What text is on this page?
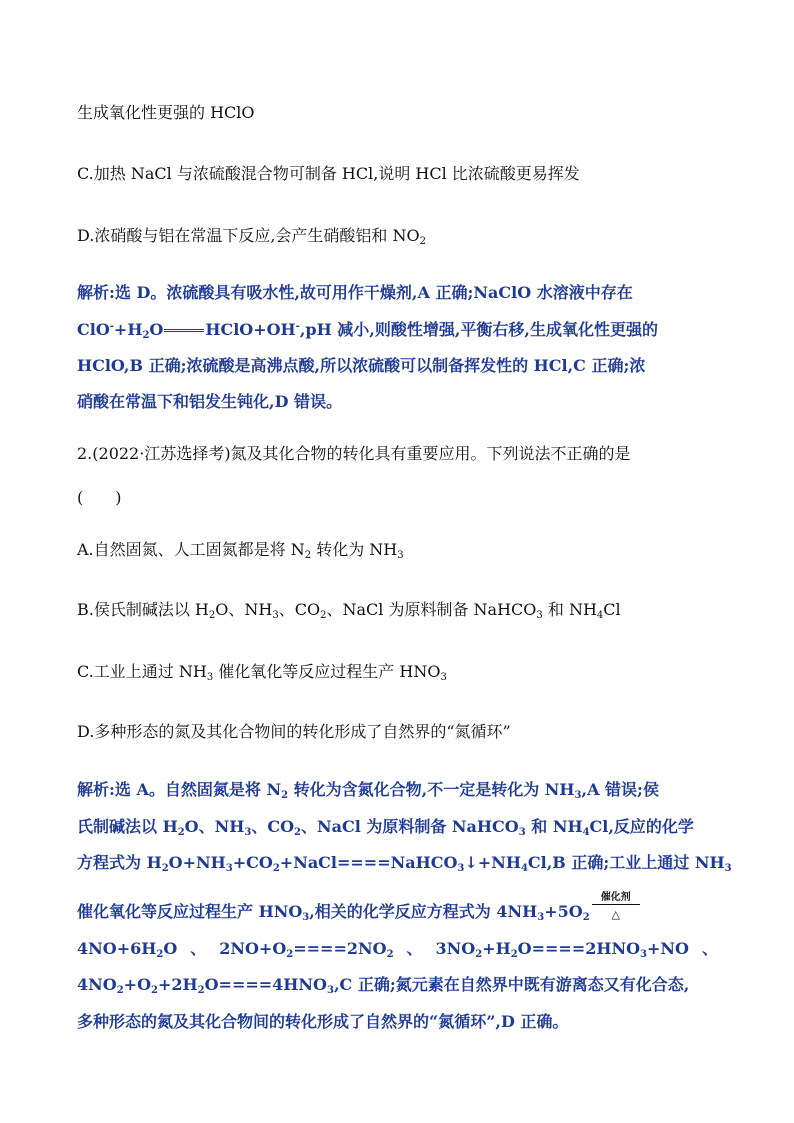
生成氧化性更强的 HClO
C.加热 NaCl 与浓硫酸混合物可制备 HCl,说明 HCl 比浓硫酸更易挥发
D.浓硝酸与铝在常温下反应,会产生硝酸铝和 $NO_2$
解析:选 D。浓硫酸具有吸水性,故可用作干燥剂,A 正确;NaClO 水溶液中存在
$ClO^-+H_2O$	HClO+OH-,pH 减小,则酸性增强,平衡右移,生成氧化性更强的
HClO,B 正确;浓硫酸是高沸点酸,所以浓硫酸可以制备挥发性的 HCl,C 正确;浓
硝酸在常温下和铝发生钝化,D 错误。
2.(2022·江苏选择考)氮及其化合物的转化具有重要应用。下列说法不正确的是
(　　)
A.自然固氮、人工固氮都是将 $N_2$ 转化为 $NH_3$
B.侯氏制碱法以 $H_2O$、$NH_3$、$CO_2$、NaCl 为原料制备 NaHCO$_3$ 和 $NH_4Cl$
C.工业上通过 $NH_3$ 催化氧化等反应过程生产 $HNO_3$
D.多种形态的氮及其化合物间的转化形成了自然界的“氮循环”
解析:选 A。自然固氮是将 $N_2$ 转化为含氮化合物,不一定是转化为 $NH_3,A$ 错误;侯
氏制碱法以 $H_2O$、$NH_3$、$CO_2$、NaCl 为原料制备 NaHCO$_3$ 和 $NH_4Cl$,反应的化学
方程式为 $H_2O+NH_3+CO_2+NaCl====NaHCO_3↓+NH_4Cl,B$ 正确;工业上通过 $NH_3$
催化氧化等反应过程生产 $HNO_3$,相关的化学反应方程式为 $4NH_3+5O_2$
催化剂
△
$4NO+6H_2O$ 、 $2NO+O_2====2NO_2$ 、 $3NO_2+H_2O====2HNO_3+NO$ 、
$4NO_2+O_2+2H_2O====4HNO_3,C$ 正确;氮元素在自然界中既有游离态又有化合态,
多种形态的氮及其化合物间的转化形成了自然界的“氮循环”,D 正确。
